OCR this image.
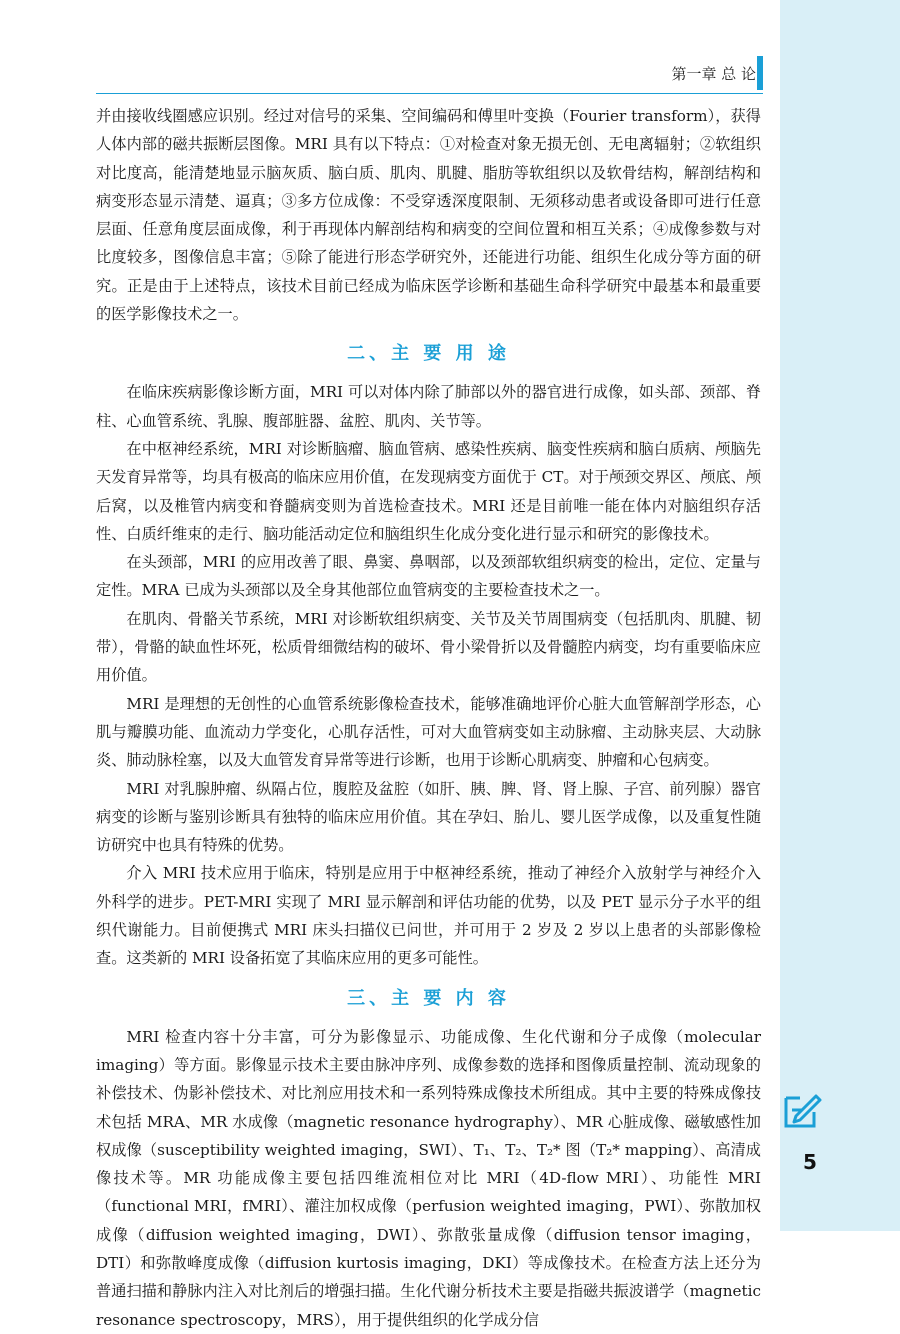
第一章 总 论

并由接收线圈感应识别。经过对信号的采集、空间编码和傅里叶变换（Fourier transform），获得人体内部的磁共振断层图像。MRI 具有以下特点：①对检查对象无损无创、无电离辐射；②软组织对比度高，能清楚地显示脑灰质、脑白质、肌肉、肌腱、脂肪等软组织以及软骨结构，解剖结构和病变形态显示清楚、逼真；③多方位成像：不受穿透深度限制、无须移动患者或设备即可进行任意层面、任意角度层面成像，利于再现体内解剖结构和病变的空间位置和相互关系；④成像参数与对比度较多，图像信息丰富；⑤除了能进行形态学研究外，还能进行功能、组织生化成分等方面的研究。正是由于上述特点，该技术目前已经成为临床医学诊断和基础生命科学研究中最基本和最重要的医学影像技术之一。

二、主 要 用 途

在临床疾病影像诊断方面，MRI 可以对体内除了肺部以外的器官进行成像，如头部、颈部、脊柱、心血管系统、乳腺、腹部脏器、盆腔、肌肉、关节等。

在中枢神经系统，MRI 对诊断脑瘤、脑血管病、感染性疾病、脑变性疾病和脑白质病、颅脑先天发育异常等，均具有极高的临床应用价值，在发现病变方面优于 CT。对于颅颈交界区、颅底、颅后窝，以及椎管内病变和脊髓病变则为首选检查技术。MRI 还是目前唯一能在体内对脑组织存活性、白质纤维束的走行、脑功能活动定位和脑组织生化成分变化进行显示和研究的影像技术。

在头颈部，MRI 的应用改善了眼、鼻窦、鼻咽部，以及颈部软组织病变的检出，定位、定量与定性。MRA 已成为头颈部以及全身其他部位血管病变的主要检查技术之一。

在肌肉、骨骼关节系统，MRI 对诊断软组织病变、关节及关节周围病变（包括肌肉、肌腱、韧带），骨骼的缺血性坏死，松质骨细微结构的破坏、骨小梁骨折以及骨髓腔内病变，均有重要临床应用价值。

MRI 是理想的无创性的心血管系统影像检查技术，能够准确地评价心脏大血管解剖学形态，心肌与瓣膜功能、血流动力学变化，心肌存活性，可对大血管病变如主动脉瘤、主动脉夹层、大动脉炎、肺动脉栓塞，以及大血管发育异常等进行诊断，也用于诊断心肌病变、肿瘤和心包病变。

MRI 对乳腺肿瘤、纵隔占位，腹腔及盆腔（如肝、胰、脾、肾、肾上腺、子宫、前列腺）器官病变的诊断与鉴别诊断具有独特的临床应用价值。其在孕妇、胎儿、婴儿医学成像，以及重复性随访研究中也具有特殊的优势。

介入 MRI 技术应用于临床，特别是应用于中枢神经系统，推动了神经介入放射学与神经介入外科学的进步。PET-MRI 实现了 MRI 显示解剖和评估功能的优势，以及 PET 显示分子水平的组织代谢能力。目前便携式 MRI 床头扫描仪已问世，并可用于 2 岁及 2 岁以上患者的头部影像检查。这类新的 MRI 设备拓宽了其临床应用的更多可能性。

三、主 要 内 容

MRI 检查内容十分丰富，可分为影像显示、功能成像、生化代谢和分子成像（molecular imaging）等方面。影像显示技术主要由脉冲序列、成像参数的选择和图像质量控制、流动现象的补偿技术、伪影补偿技术、对比剂应用技术和一系列特殊成像技术所组成。其中主要的特殊成像技术包括 MRA、MR 水成像（magnetic resonance hydrography）、MR 心脏成像、磁敏感性加权成像（susceptibility weighted imaging，SWI）、T₁、T₂、T₂* 图（T₂* mapping）、高清成像技术等。MR 功能成像主要包括四维流相位对比 MRI（4D-flow MRI）、功能性 MRI（functional MRI，fMRI）、灌注加权成像（perfusion weighted imaging，PWI）、弥散加权成像（diffusion weighted imaging，DWI）、弥散张量成像（diffusion tensor imaging，DTI）和弥散峰度成像（diffusion kurtosis imaging，DKI）等成像技术。在检查方法上还分为普通扫描和静脉内注入对比剂后的增强扫描。生化代谢分析技术主要是指磁共振波谱学（magnetic resonance spectroscopy，MRS），用于提供组织的化学成分信

5
